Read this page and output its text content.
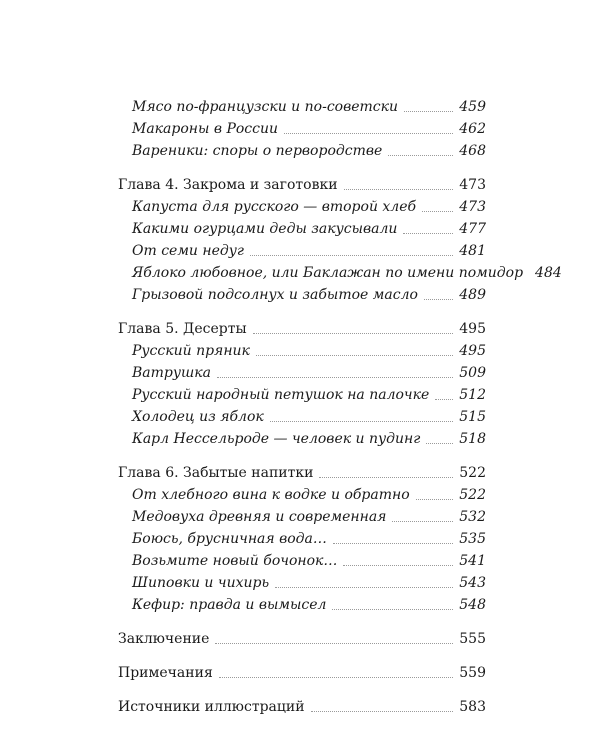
Мясо по-французски и по-советски	459
Макароны в России	462
Вареники: споры о первородстве	468
Глава 4. Закрома и заготовки	473
Капуста для русского — второй хлеб	473
Какими огурцами деды закусывали	477
От семи недуг	481
Яблоко любовное, или Баклажан по имени помидор 484
Грызовой подсолнух и забытое масло	489
Глава 5. Десерты	495
Русский пряник	495
Ватрушка	509
Русский народный петушок на палочке 512
Холодец из яблок	515
Карл Нессельроде — человек и пудинг	518
Глава 6. Забытые напитки	522
От хлебного вина к водке и обратно	522
Медовуха древняя и современная	532
Боюсь, брусничная вода…	535
Возьмите новый бочонок…	541
Шиповки и чихирь	543
Кефир: правда и вымысел	548
Заключение	555
Примечания	559
Источники иллюстраций	583
